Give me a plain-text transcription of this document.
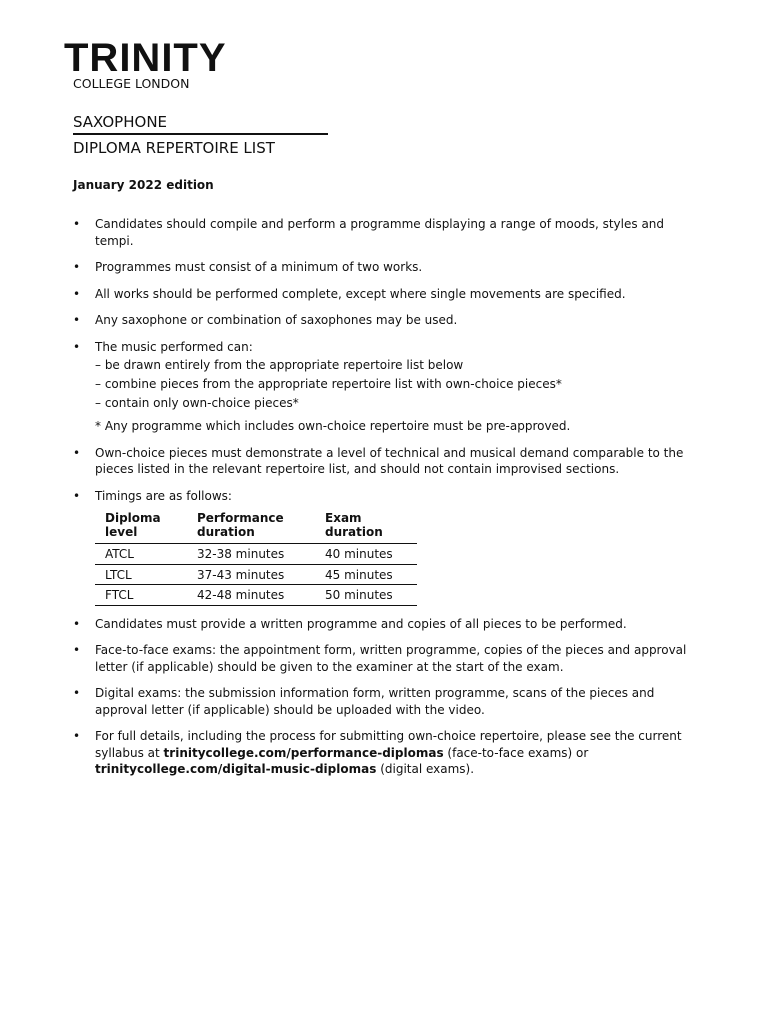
TRINITY
COLLEGE LONDON
SAXOPHONE
DIPLOMA REPERTOIRE LIST
January 2022 edition
• Candidates should compile and perform a programme displaying a range of moods, styles and tempi.
• Programmes must consist of a minimum of two works.
• All works should be performed complete, except where single movements are specified.
• Any saxophone or combination of saxophones may be used.
• The music performed can:
– be drawn entirely from the appropriate repertoire list below
– combine pieces from the appropriate repertoire list with own-choice pieces*
– contain only own-choice pieces*
* Any programme which includes own-choice repertoire must be pre-approved.
• Own-choice pieces must demonstrate a level of technical and musical demand comparable to the pieces listed in the relevant repertoire list, and should not contain improvised sections.
• Timings are as follows:
Diploma level	Performance duration	Exam duration
ATCL	32-38 minutes	40 minutes
LTCL	37-43 minutes	45 minutes
FTCL	42-48 minutes	50 minutes
• Candidates must provide a written programme and copies of all pieces to be performed.
• Face-to-face exams: the appointment form, written programme, copies of the pieces and approval letter (if applicable) should be given to the examiner at the start of the exam.
• Digital exams: the submission information form, written programme, scans of the pieces and approval letter (if applicable) should be uploaded with the video.
• For full details, including the process for submitting own-choice repertoire, please see the current syllabus at trinitycollege.com/performance-diplomas (face-to-face exams) or trinitycollege.com/digital-music-diplomas (digital exams).
